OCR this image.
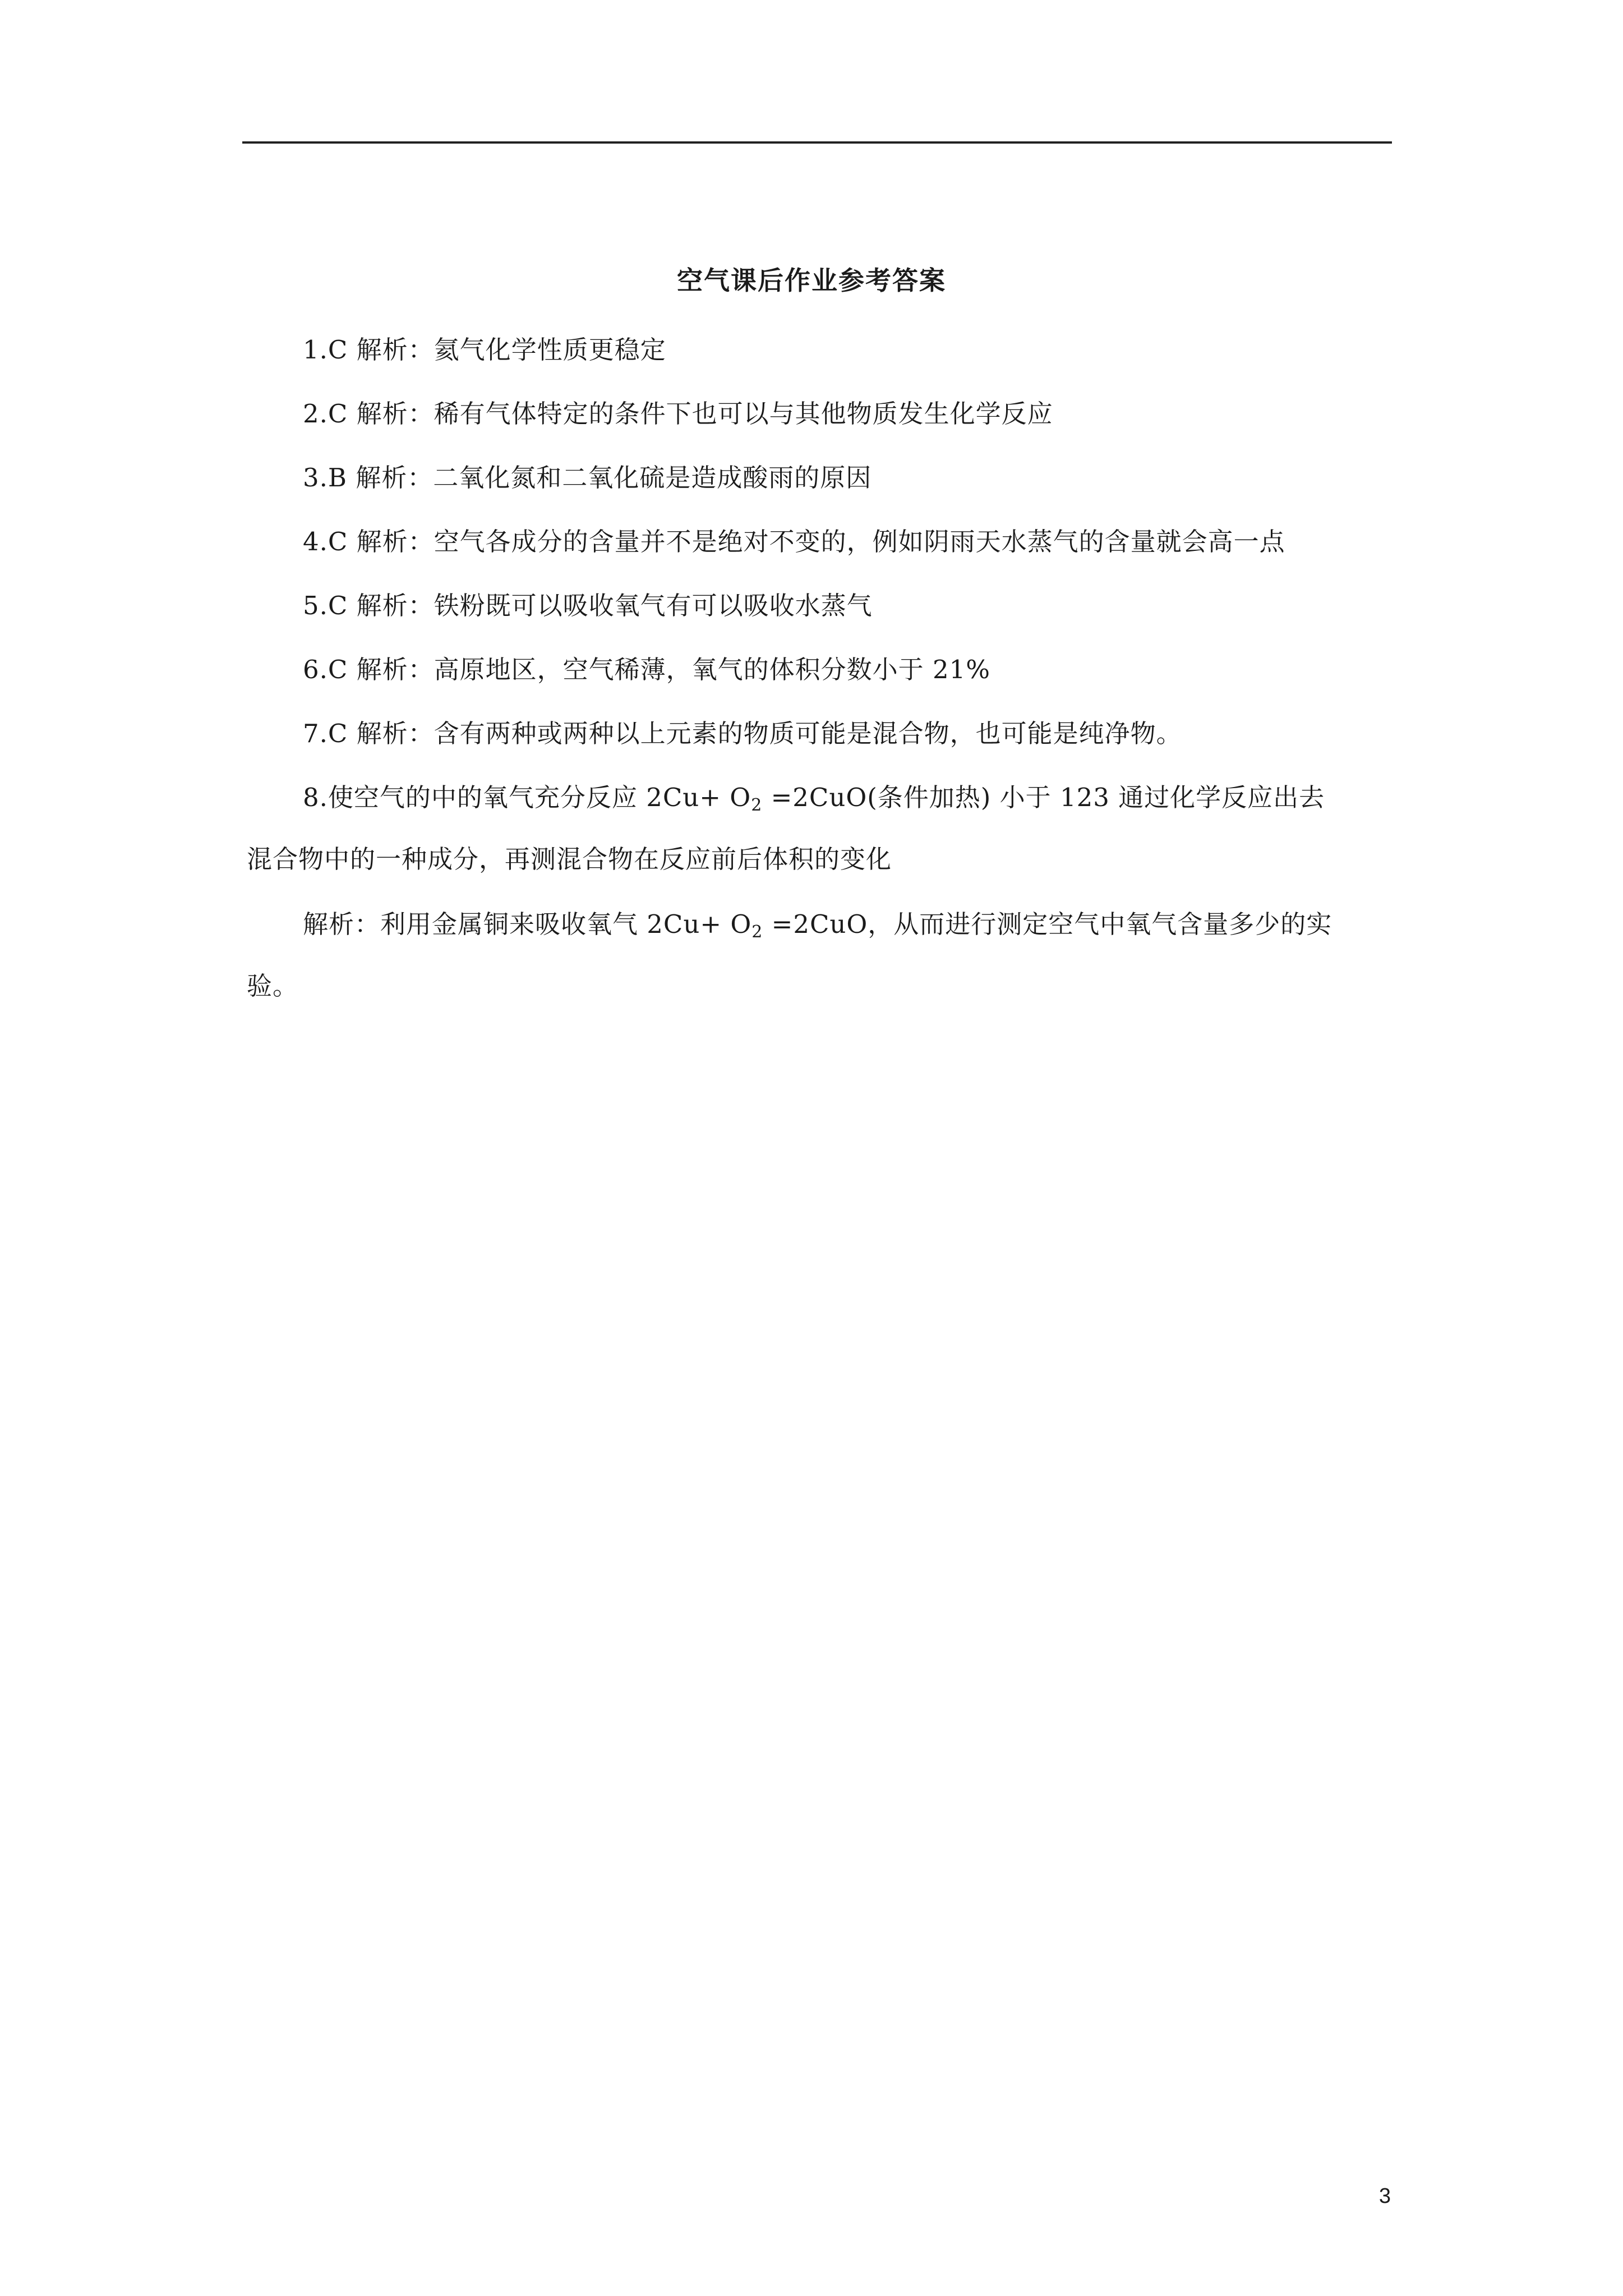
空气课后作业参考答案
1.C 解析：氦气化学性质更稳定
2.C 解析：稀有气体特定的条件下也可以与其他物质发生化学反应
3.B 解析：二氧化氮和二氧化硫是造成酸雨的原因
4.C 解析：空气各成分的含量并不是绝对不变的，例如阴雨天水蒸气的含量就会高一点
5.C 解析：铁粉既可以吸收氧气有可以吸收水蒸气
6.C 解析：高原地区，空气稀薄，氧气的体积分数小于 21%
7.C 解析：含有两种或两种以上元素的物质可能是混合物，也可能是纯净物。
8.使空气的中的氧气充分反应 $2Cu+ O_2 =2CuO$(条件加热) 小于 123 通过化学反应出去
混合物中的一种成分，再测混合物在反应前后体积的变化
解析：利用金属铜来吸收氧气 $2Cu+ O_2 =2CuO$，从而进行测定空气中氧气含量多少的实
验。
3
